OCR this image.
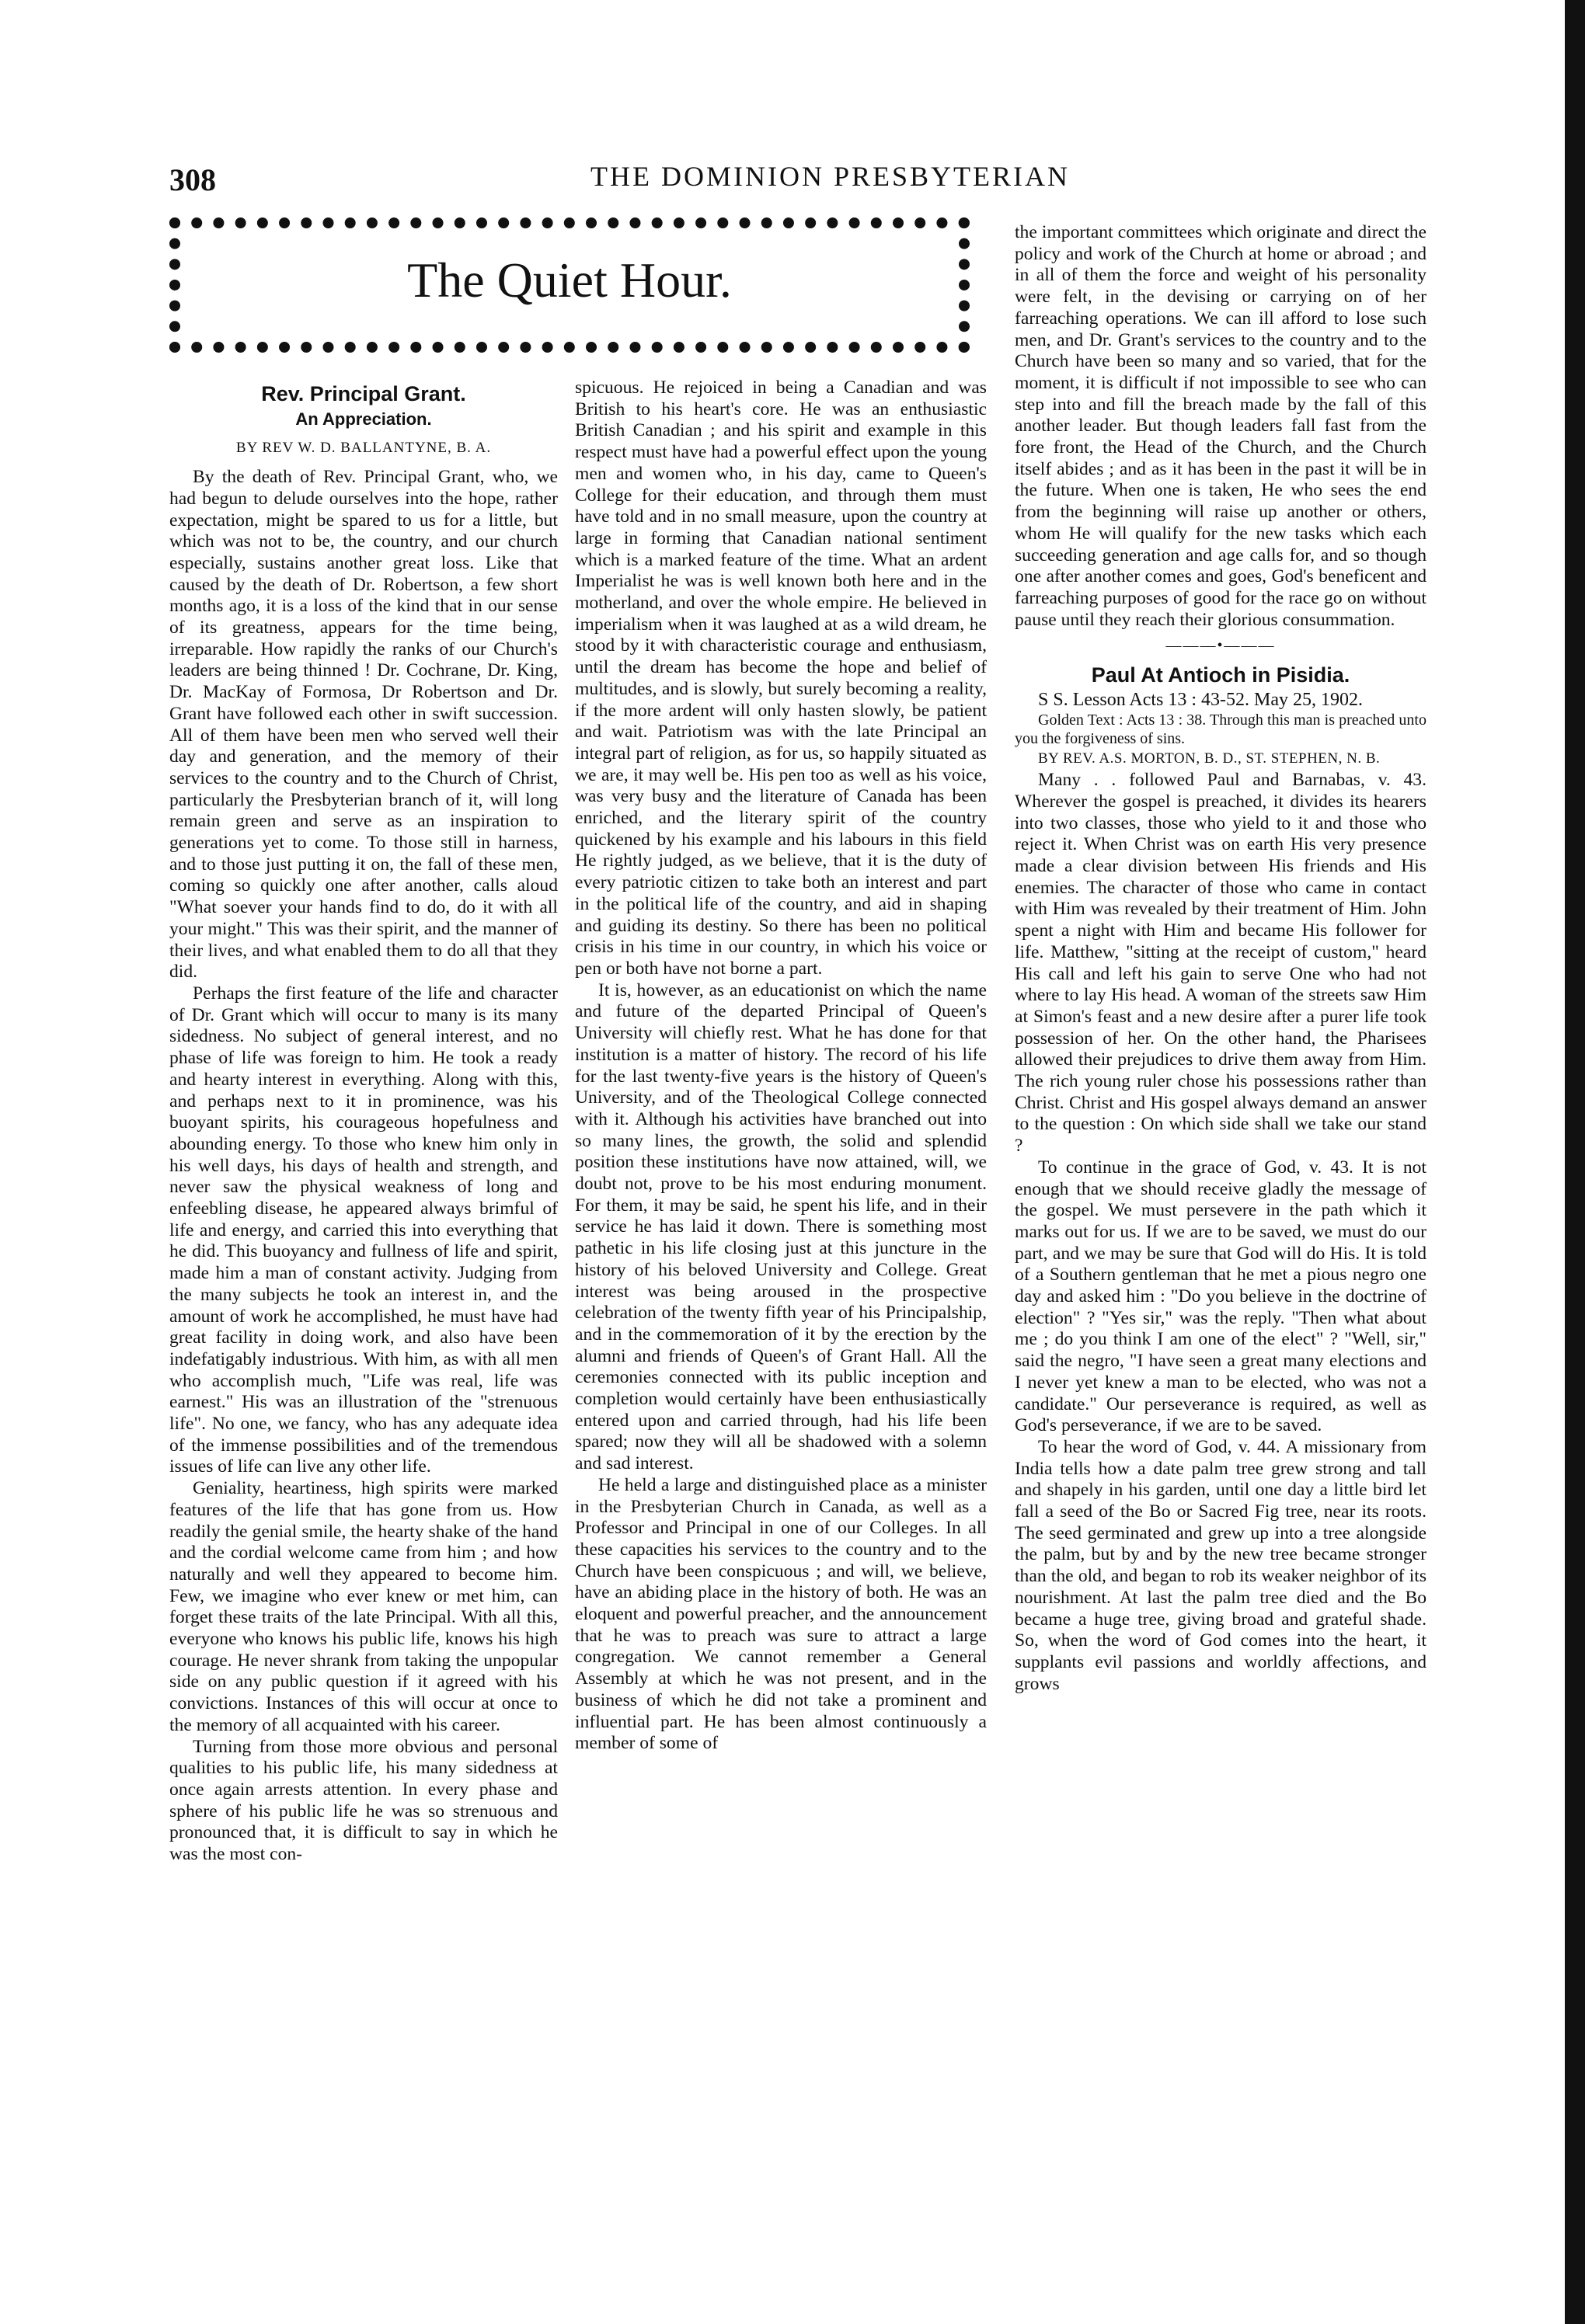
308	THE DOMINION PRESBYTERIAN
The Quiet Hour.
Rev. Principal Grant.
An Appreciation.
BY REV W. D. BALLANTYNE, B. A.

By the death of Rev. Principal Grant, who, we had begun to delude ourselves into the hope, rather expectation, might be spared to us for a little, but which was not to be, the country, and our church especially, sustains another great loss. Like that caused by the death of Dr. Robertson, a few short months ago, it is a loss of the kind that in our sense of its greatness, appears for the time being, irreparable. How rapidly the ranks of our Church's leaders are being thinned ! Dr. Cochrane, Dr. King, Dr. MacKay of Formosa, Dr Robertson and Dr. Grant have followed each other in swift succession. All of them have been men who served well their day and generation, and the memory of their services to the country and to the Church of Christ, particularly the Presbyterian branch of it, will long remain green and serve as an inspiration to generations yet to come. To those still in harness, and to those just putting it on, the fall of these men, coming so quickly one after another, calls aloud "What soever your hands find to do, do it with all your might." This was their spirit, and the manner of their lives, and what enabled them to do all that they did.

Perhaps the first feature of the life and character of Dr. Grant which will occur to many is its many sidedness. No subject of general interest, and no phase of life was foreign to him. He took a ready and hearty interest in everything. Along with this, and perhaps next to it in prominence, was his buoyant spirits, his courageous hopefulness and abounding energy. To those who knew him only in his well days, his days of health and strength, and never saw the physical weakness of long and enfeebling disease, he appeared always brimful of life and energy, and carried this into everything that he did. This buoyancy and fullness of life and spirit, made him a man of constant activity. Judging from the many subjects he took an interest in, and the amount of work he accomplished, he must have had great facility in doing work, and also have been indefatigably industrious. With him, as with all men who accomplish much, "Life was real, life was earnest." His was an illustration of the "strenuous life". No one, we fancy, who has any adequate idea of the immense possibilities and of the tremendous issues of life can live any other life.

Geniality, heartiness, high spirits were marked features of the life that has gone from us. How readily the genial smile, the hearty shake of the hand and the cordial welcome came from him ; and how naturally and well they appeared to become him. Few, we imagine who ever knew or met him, can forget these traits of the late Principal. With all this, everyone who knows his public life, knows his high courage. He never shrank from taking the unpopular side on any public question if it agreed with his convictions. Instances of this will occur at once to the memory of all acquainted with his career.

Turning from those more obvious and personal qualities to his public life, his many sidedness at once again arrests attention. In every phase and sphere of his public life he was so strenuous and pronounced that, it is difficult to say in which he was the most con-

spicuous. He rejoiced in being a Canadian and was British to his heart's core. He was an enthusiastic British Canadian ; and his spirit and example in this respect must have had a powerful effect upon the young men and women who, in his day, came to Queen's College for their education, and through them must have told and in no small measure, upon the country at large in forming that Canadian national sentiment which is a marked feature of the time. What an ardent Imperialist he was is well known both here and in the motherland, and over the whole empire. He believed in imperialism when it was laughed at as a wild dream, he stood by it with characteristic courage and enthusiasm, until the dream has become the hope and belief of multitudes, and is slowly, but surely becoming a reality, if the more ardent will only hasten slowly, be patient and wait. Patriotism was with the late Principal an integral part of religion, as for us, so happily situated as we are, it may well be. His pen too as well as his voice, was very busy and the literature of Canada has been enriched, and the literary spirit of the country quickened by his example and his labours in this field He rightly judged, as we believe, that it is the duty of every patriotic citizen to take both an interest and part in the political life of the country, and aid in shaping and guiding its destiny. So there has been no political crisis in his time in our country, in which his voice or pen or both have not borne a part.

It is, however, as an educationist on which the name and future of the departed Principal of Queen's University will chiefly rest. What he has done for that institution is a matter of history. The record of his life for the last twenty-five years is the history of Queen's University, and of the Theological College connected with it. Although his activities have branched out into so many lines, the growth, the solid and splendid position these institutions have now attained, will, we doubt not, prove to be his most enduring monument. For them, it may be said, he spent his life, and in their service he has laid it down. There is something most pathetic in his life closing just at this juncture in the history of his beloved University and College. Great interest was being aroused in the prospective celebration of the twenty fifth year of his Principalship, and in the commemoration of it by the erection by the alumni and friends of Queen's of Grant Hall. All the ceremonies connected with its public inception and completion would certainly have been enthusiastically entered upon and carried through, had his life been spared; now they will all be shadowed with a solemn and sad interest.

He held a large and distinguished place as a minister in the Presbyterian Church in Canada, as well as a Professor and Principal in one of our Colleges. In all these capacities his services to the country and to the Church have been conspicuous ; and will, we believe, have an abiding place in the history of both. He was an eloquent and powerful preacher, and the announcement that he was to preach was sure to attract a large congregation. We cannot remember a General Assembly at which he was not present, and in the business of which he did not take a prominent and influential part. He has been almost continuously a member of some of

the important committees which originate and direct the policy and work of the Church at home or abroad ; and in all of them the force and weight of his personality were felt, in the devising or carrying on of her farreaching operations. We can ill afford to lose such men, and Dr. Grant's services to the country and to the Church have been so many and so varied, that for the moment, it is difficult if not impossible to see who can step into and fill the breach made by the fall of this another leader. But though leaders fall fast from the fore front, the Head of the Church, and the Church itself abides ; and as it has been in the past it will be in the future. When one is taken, He who sees the end from the beginning will raise up another or others, whom He will qualify for the new tasks which each succeeding generation and age calls for, and so though one after another comes and goes, God's beneficent and farreaching purposes of good for the race go on without pause until they reach their glorious consummation.

———•———
Paul At Antioch in Pisidia.

S S. Lesson Acts 13 : 43-52. May 25, 1902.

Golden Text : Acts 13 : 38. Through this man is preached unto you the forgiveness of sins.

BY REV. A.S. MORTON, B. D., ST. STEPHEN, N. B.

Many . . followed Paul and Barnabas, v. 43. Wherever the gospel is preached, it divides its hearers into two classes, those who yield to it and those who reject it. When Christ was on earth His very presence made a clear division between His friends and His enemies. The character of those who came in contact with Him was revealed by their treatment of Him. John spent a night with Him and became His follower for life. Matthew, "sitting at the receipt of custom," heard His call and left his gain to serve One who had not where to lay His head. A woman of the streets saw Him at Simon's feast and a new desire after a purer life took possession of her. On the other hand, the Pharisees allowed their prejudices to drive them away from Him. The rich young ruler chose his possessions rather than Christ. Christ and His gospel always demand an answer to the question : On which side shall we take our stand ?

To continue in the grace of God, v. 43. It is not enough that we should receive gladly the message of the gospel. We must persevere in the path which it marks out for us. If we are to be saved, we must do our part, and we may be sure that God will do His. It is told of a Southern gentleman that he met a pious negro one day and asked him : "Do you believe in the doctrine of election" ? "Yes sir," was the reply. "Then what about me ; do you think I am one of the elect" ? "Well, sir," said the negro, "I have seen a great many elections and I never yet knew a man to be elected, who was not a candidate." Our perseverance is required, as well as God's perseverance, if we are to be saved.

To hear the word of God, v. 44. A missionary from India tells how a date palm tree grew strong and tall and shapely in his garden, until one day a little bird let fall a seed of the Bo or Sacred Fig tree, near its roots. The seed germinated and grew up into a tree alongside the palm, but by and by the new tree became stronger than the old, and began to rob its weaker neighbor of its nourishment. At last the palm tree died and the Bo became a huge tree, giving broad and grateful shade. So, when the word of God comes into the heart, it supplants evil passions and worldly affections, and grows
